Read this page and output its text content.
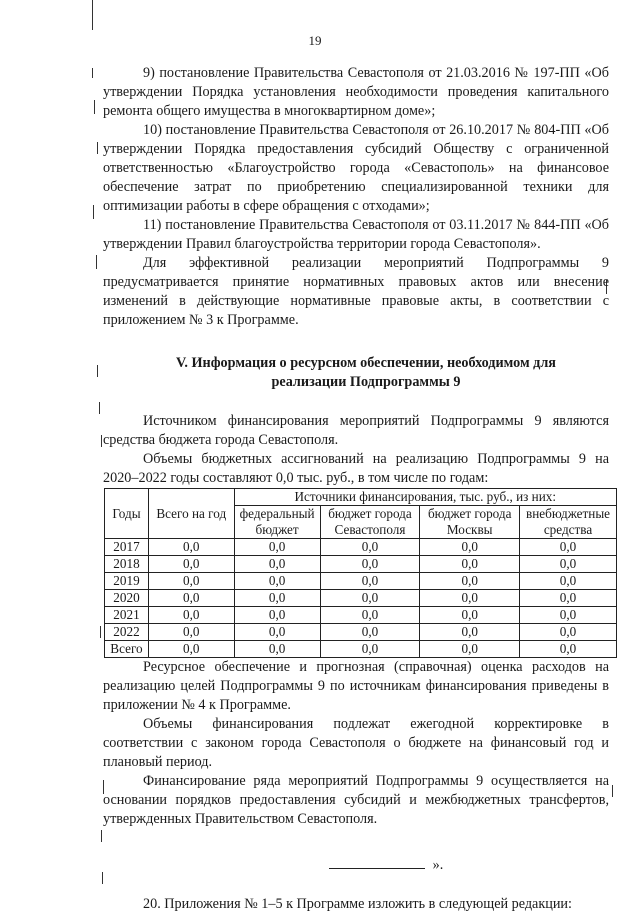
19

9) постановление Правительства Севастополя от 21.03.2016 № 197-ПП «Об утверждении Порядка установления необходимости проведения капитального ремонта общего имущества в многоквартирном доме»;

10) постановление Правительства Севастополя от 26.10.2017 № 804-ПП «Об утверждении Порядка предоставления субсидий Обществу с ограниченной ответственностью «Благоустройство города «Севастополь» на финансовое обеспечение затрат по приобретению специализированной техники для оптимизации работы в сфере обращения с отходами»;

11) постановление Правительства Севастополя от 03.11.2017 № 844-ПП «Об утверждении Правил благоустройства территории города Севастополя».

Для эффективной реализации мероприятий Подпрограммы 9 предусматривается принятие нормативных правовых актов или внесение изменений в действующие нормативные правовые акты, в соответствии с приложением № 3 к Программе.

V. Информация о ресурсном обеспечении, необходимом для
реализации Подпрограммы 9

Источником финансирования мероприятий Подпрограммы 9 являются средства бюджета города Севастополя.

Объемы бюджетных ассигнований на реализацию Подпрограммы 9 на 2020–2022 годы составляют 0,0 тыс. руб., в том числе по годам:

Годы	Всего на год	Источники финансирования, тыс. руб., из них:			
		федеральный бюджет	бюджет города Севастополя	бюджет города Москвы	внебюджетные средства
2017	0,0	0,0	0,0	0,0	0,0
2018	0,0	0,0	0,0	0,0	0,0
2019	0,0	0,0	0,0	0,0	0,0
2020	0,0	0,0	0,0	0,0	0,0
2021	0,0	0,0	0,0	0,0	0,0
2022	0,0	0,0	0,0	0,0	0,0
Всего	0,0	0,0	0,0	0,0	0,0

Ресурсное обеспечение и прогнозная (справочная) оценка расходов на реализацию целей Подпрограммы 9 по источникам финансирования приведены в приложении № 4 к Программе.

Объемы финансирования подлежат ежегодной корректировке в соответствии с законом города Севастополя о бюджете на финансовый год и плановый период.

Финансирование ряда мероприятий Подпрограммы 9 осуществляется на основании порядков предоставления субсидий и межбюджетных трансфертов, утвержденных Правительством Севастополя.

».

20. Приложения № 1–5 к Программе изложить в следующей редакции:
